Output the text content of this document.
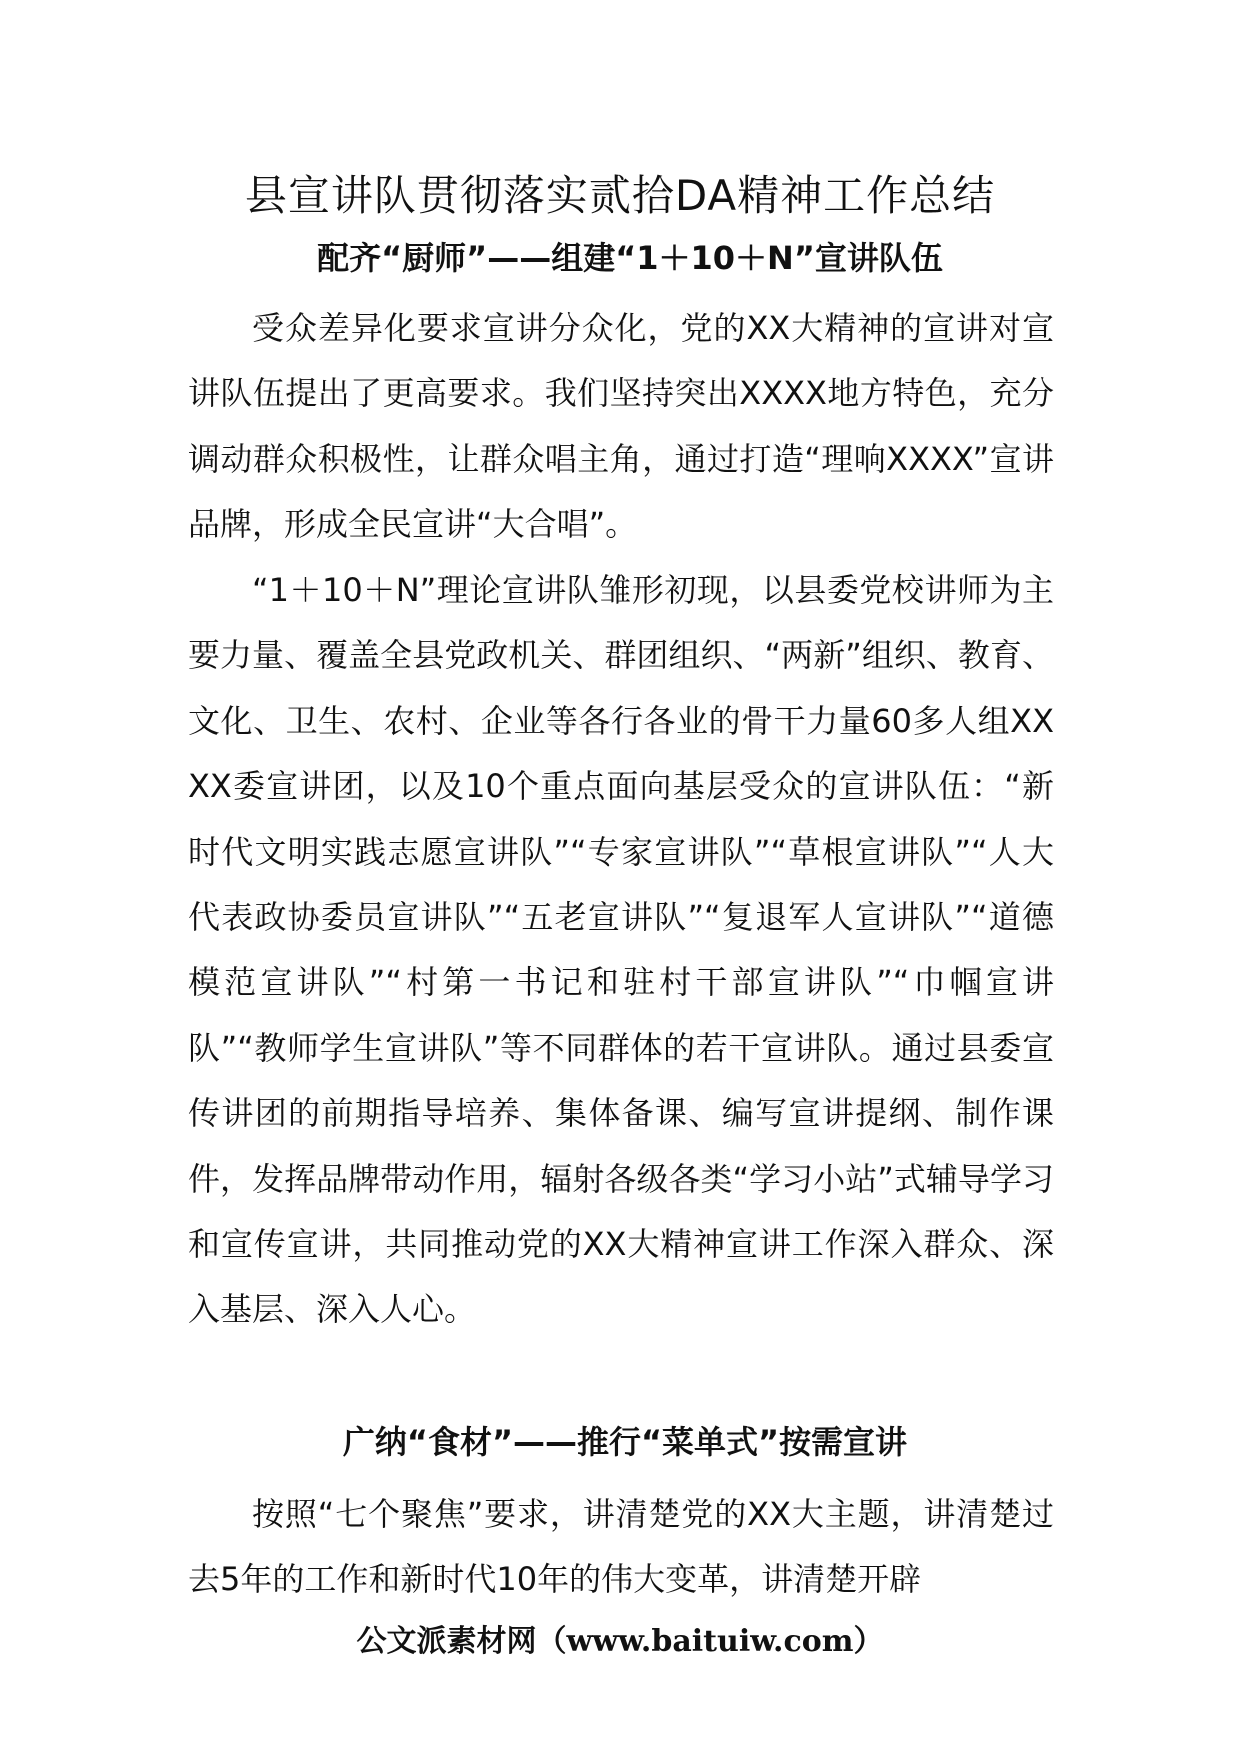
县宣讲队贯彻落实贰拾DA精神工作总结
配齐“厨师”——组建“1＋10＋N”宣讲队伍

受众差异化要求宣讲分众化，党的XX大精神的宣讲对宣讲队伍提出了更高要求。我们坚持突出XXXX地方特色，充分调动群众积极性，让群众唱主角，通过打造“理响XXXX”宣讲品牌，形成全民宣讲“大合唱”。

“1＋10＋N”理论宣讲队雏形初现，以县委党校讲师为主要力量、覆盖全县党政机关、群团组织、“两新”组织、教育、文化、卫生、农村、企业等各行各业的骨干力量60多人组XXXX委宣讲团，以及10个重点面向基层受众的宣讲队伍：“新时代文明实践志愿宣讲队”“专家宣讲队”“草根宣讲队”“人大代表政协委员宣讲队”“五老宣讲队”“复退军人宣讲队”“道德模范宣讲队”“村第一书记和驻村干部宣讲队”“巾帼宣讲队”“教师学生宣讲队”等不同群体的若干宣讲队。通过县委宣传讲团的前期指导培养、集体备课、编写宣讲提纲、制作课件，发挥品牌带动作用，辐射各级各类“学习小站”式辅导学习和宣传宣讲，共同推动党的XX大精神宣讲工作深入群众、深入基层、深入人心。

广纳“食材”——推行“菜单式”按需宣讲

按照“七个聚焦”要求，讲清楚党的XX大主题，讲清楚过去5年的工作和新时代10年的伟大变革，讲清楚开辟

公文派素材网（www.baituiw.com）
